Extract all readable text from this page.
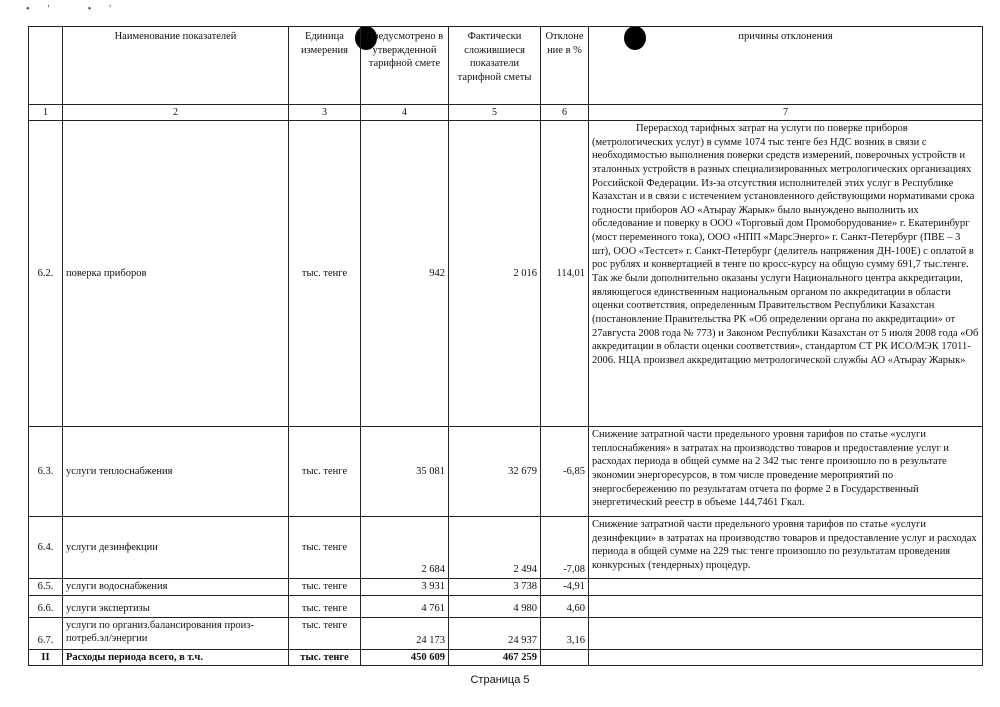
•' •'
	Наименование показателей	Единица измерения	Предусмотрено в утвержденной тарифной смете	Фактически сложившиеся показатели тарифной сметы	Отклоне ние в %	причины отклонения
1	2	3	4	5	6	7
6.2.	поверка приборов	тыс. тенге	942	2 016	114,01	Перерасход тарифных затрат на услуги по поверке приборов (метрологических услуг) в сумме 1074 тыс тенге без НДС возник в связи с необходимостью выполнения поверки средств измерений, поверочных устройств и эталонных устройств в разных специализированных метрологических организациях Российской Федерации. Из-за отсутствия исполнителей этих услуг в Республике Казахстан и в связи с истечением установленного действующими нормативами срока годности приборов АО «Атырау Жарык» было вынуждено выполнить их обследование и поверку в ООО «Торговый дом Промоборудование» г. Екатеринбург (мост переменного тока), ООО «НПП «МарсЭнерго» г. Санкт-Петербург (ПВЕ – 3 шт), ООО «Тестсет» г. Санкт-Петербург (делитель напряжения ДН-100Е) с оплатой в рос рублях и конвертацией в тенге по кросс-курсу на общую сумму 691,7 тыс.тенге. Так же были дополнительно оказаны услуги Национального центра аккредитации, являющегося единственным национальным органом по аккредитации в области оценки соответствия, определенным Правительством Республики Казахстан (постановление Правительства РК «Об определении органа по аккредитации» от 27августа 2008 года № 773) и Законом Республики Казахстан от 5 июля 2008 года «Об аккредитации в области оценки соответствия», стандартом СТ РК ИСО/МЭК 17011-2006. НЦА произвел аккредитацию метрологической службы АО «Атырау Жарык»
6.3.	услуги теплоснабжения	тыс. тенге	35 081	32 679	-6,85	Снижение затратной части предельного уровня тарифов по статье «услуги теплоснабжения» в затратах на производство товаров и предоставление услуг и расходах периода в общей сумме на 2 342 тыс тенге произошло по в результате экономии энергоресурсов, в том числе проведение мероприятий по энергосбережению по результатам отчета по форме 2 в Государственный энергетический реестр в объеме 144,7461 Гкал.
6.4.	услуги дезинфекции	тыс. тенге	2 684	2 494	-7,08	Снижение затратной части предельного уровня тарифов по статье «услуги дезинфекции» в затратах на производство товаров и предоставление услуг и расходах периода в общей сумме на 229 тыс тенге произошло по результатам проведения конкурсных (тендерных) процедур.
6.5.	услуги водоснабжения	тыс. тенге	3 931	3 738	-4,91	
6.6.	услуги экспертизы	тыс. тенге	4 761	4 980	4,60	
6.7.	услуги по организ.балансирования произ-потреб.эл/энергии	тыс. тенге	24 173	24 937	3,16	
II	Расходы периода всего, в т.ч.	тыс. тенге	450 609	467 259		
Страница 5
